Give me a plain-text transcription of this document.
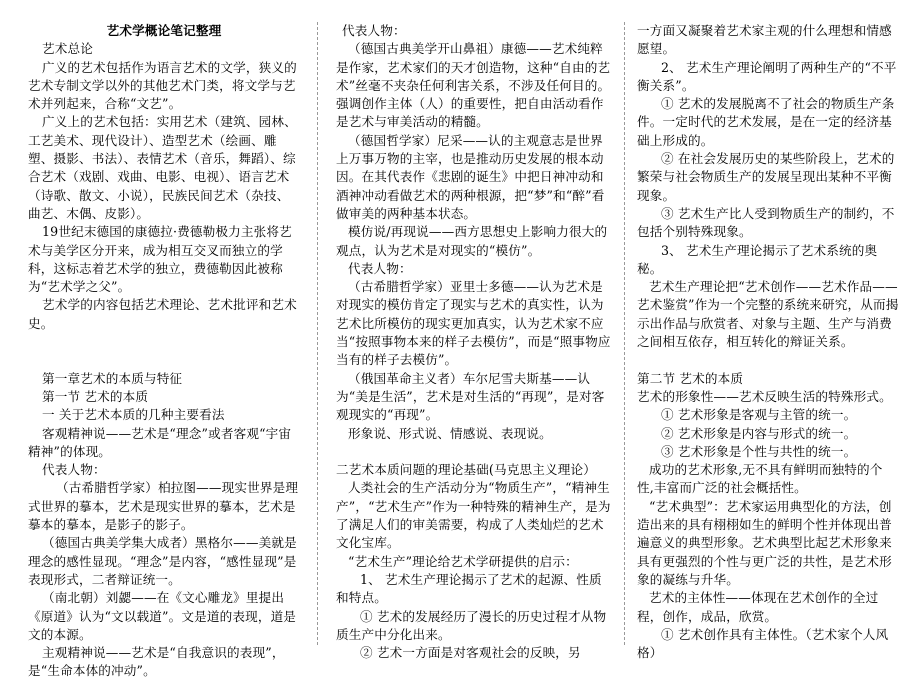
艺术学概论笔记整理

艺术总论

广义的艺术包括作为语言艺术的文学，狭义的艺术专制文学以外的其他艺术门类，将文学与艺术并列起来，合称“文艺”。

广义上的艺术包括：实用艺术（建筑、园林、工艺美术、现代设计）、造型艺术（绘画、雕塑、摄影、书法）、表情艺术（音乐，舞蹈）、综合艺术（戏剧、戏曲、电影、电视）、语言艺术（诗歌、散文、小说），民族民间艺术（杂技、曲艺、木偶、皮影）。

19世纪末德国的康德拉·费德勒极力主张将艺术与美学区分开来，成为相互交叉而独立的学科，这标志着艺术学的独立，费德勒因此被称为“艺术学之父”。

艺术学的内容包括艺术理论、艺术批评和艺术史。

第一章艺术的本质与特征

第一节 艺术的本质

一 关于艺术本质的几种主要看法

客观精神说——艺术是“理念”或者客观“宇宙精神”的体现。

代表人物：

（古希腊哲学家）柏拉图——现实世界是理式世界的摹本，艺术是现实世界的摹本，艺术是摹本的摹本，是影子的影子。

（德国古典美学集大成者）黑格尔——美就是理念的感性显现。“理念”是内容，“感性显现”是表现形式，二者辩证统一。

（南北朝）刘勰——在《文心雕龙》里提出《原道》认为“文以载道”。文是道的表现，道是文的本源。

主观精神说——艺术是“自我意识的表现”，是“生命本体的冲动”。

代表人物：

（德国古典美学开山鼻祖）康德——艺术纯粹是作家，艺术家们的天才创造物，这种“自由的艺术”丝毫不夹杂任何利害关系，不涉及任何目的。强调创作主体（人）的重要性，把自由活动看作是艺术与审美活动的精髓。

（德国哲学家）尼采——认的主观意志是世界上万事万物的主宰，也是推动历史发展的根本动因。在其代表作《悲剧的诞生》中把日神冲动和酒神冲动看做艺术的两种根源，把“梦”和“醉”看做审美的两种基本状态。

模仿说/再现说——西方思想史上影响力很大的观点，认为艺术是对现实的“模仿”。

代表人物：

（古希腊哲学家）亚里士多德——认为艺术是对现实的模仿肯定了现实与艺术的真实性，认为艺术比所模仿的现实更加真实，认为艺术家不应当“按照事物本来的样子去模仿”，而是“照事物应当有的样子去模仿”。

（俄国革命主义者）车尔尼雪夫斯基——认为“美是生活”，艺术是对生活的“再现”，是对客观现实的“再现”。

形象说、形式说、情感说、表现说。

二艺术本质问题的理论基础(马克思主义理论）

人类社会的生产活动分为“物质生产”，“精神生产”，“艺术生产”作为一种特殊的精神生产，是为了满足人们的审美需要，构成了人类灿烂的艺术文化宝库。

“艺术生产”理论给艺术学研提供的启示：

1、 艺术生产理论揭示了艺术的起源、性质和特点。

① 艺术的发展经历了漫长的历史过程才从物质生产中分化出来。

② 艺术一方面是对客观社会的反映，另

一方面又凝聚着艺术家主观的什么理想和情感愿望。

2、 艺术生产理论阐明了两种生产的“不平衡关系”。

① 艺术的发展脱离不了社会的物质生产条件。一定时代的艺术发展，是在一定的经济基础上形成的。

② 在社会发展历史的某些阶段上，艺术的繁荣与社会物质生产的发展呈现出某种不平衡现象。

③ 艺术生产比人受到物质生产的制约，不包括个别特殊现象。

3、 艺术生产理论揭示了艺术系统的奥秘。

艺术生产理论把“艺术创作——艺术作品——艺术鉴赏”作为一个完整的系统来研究，从而揭示出作品与欣赏者、对象与主题、生产与消费之间相互依存，相互转化的辩证关系。

第二节 艺术的本质

艺术的形象性——艺术反映生活的特殊形式。

① 艺术形象是客观与主管的统一。

② 艺术形象是内容与形式的统一。

③ 艺术形象是个性与共性的统一。

成功的艺术形象,无不具有鲜明而独特的个性,丰富而广泛的社会概括性。

“艺术典型”：艺术家运用典型化的方法，创造出来的具有栩栩如生的鲜明个性并体现出普遍意义的典型形象。艺术典型比起艺术形象来具有更强烈的个性与更广泛的共性，是艺术形象的凝练与升华。

艺术的主体性——体现在艺术创作的全过程，创作，成品，欣赏。

① 艺术创作具有主体性。（艺术家个人风格）
